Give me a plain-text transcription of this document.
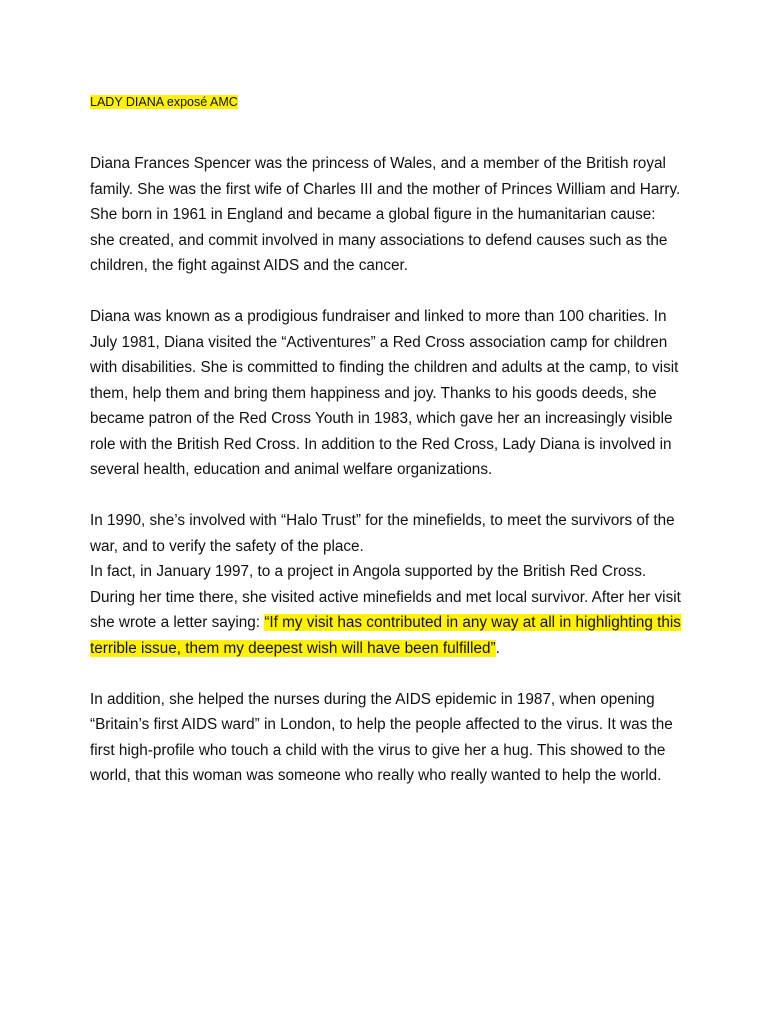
LADY DIANA exposé AMC

Diana Frances Spencer was the princess of Wales, and a member of the British royal family. She was the first wife of Charles III and the mother of Princes William and Harry. She born in 1961 in England and became a global figure in the humanitarian cause: she created, and commit involved in many associations to defend causes such as the children, the fight against AIDS and the cancer.

Diana was known as a prodigious fundraiser and linked to more than 100 charities. In July 1981, Diana visited the “Activentures” a Red Cross association camp for children with disabilities. She is committed to finding the children and adults at the camp, to visit them, help them and bring them happiness and joy. Thanks to his goods deeds, she became patron of the Red Cross Youth in 1983, which gave her an increasingly visible role with the British Red Cross. In addition to the Red Cross, Lady Diana is involved in several health, education and animal welfare organizations.

In 1990, she’s involved with “Halo Trust” for the minefields, to meet the survivors of the war, and to verify the safety of the place.

In fact, in January 1997, to a project in Angola supported by the British Red Cross. During her time there, she visited active minefields and met local survivor. After her visit she wrote a letter saying: “If my visit has contributed in any way at all in highlighting this terrible issue, them my deepest wish will have been fulfilled”.

In addition, she helped the nurses during the AIDS epidemic in 1987, when opening “Britain’s first AIDS ward” in London, to help the people affected to the virus. It was the first high-profile who touch a child with the virus to give her a hug. This showed to the world, that this woman was someone who really who really wanted to help the world.
